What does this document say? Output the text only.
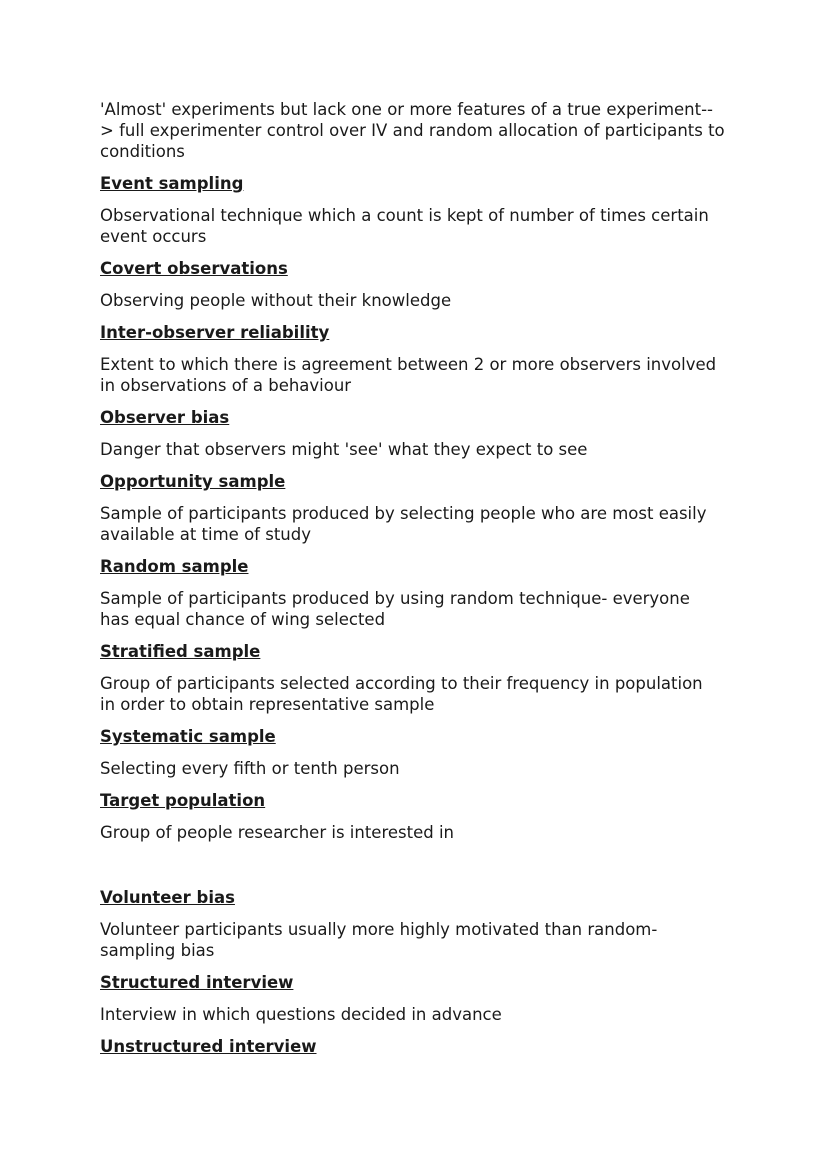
'Almost' experiments but lack one or more features of a true experiment--> full experimenter control over IV and random allocation of participants to conditions

Event sampling

Observational technique which a count is kept of number of times certain event occurs

Covert observations

Observing people without their knowledge

Inter-observer reliability

Extent to which there is agreement between 2 or more observers involved in observations of a behaviour

Observer bias

Danger that observers might 'see' what they expect to see

Opportunity sample

Sample of participants produced by selecting people who are most easily available at time of study

Random sample

Sample of participants produced by using random technique- everyone has equal chance of wing selected

Stratified sample

Group of participants selected according to their frequency in population in order to obtain representative sample

Systematic sample

Selecting every fifth or tenth person

Target population

Group of people researcher is interested in

Volunteer bias

Volunteer participants usually more highly motivated than random-sampling bias

Structured interview

Interview in which questions decided in advance

Unstructured interview
